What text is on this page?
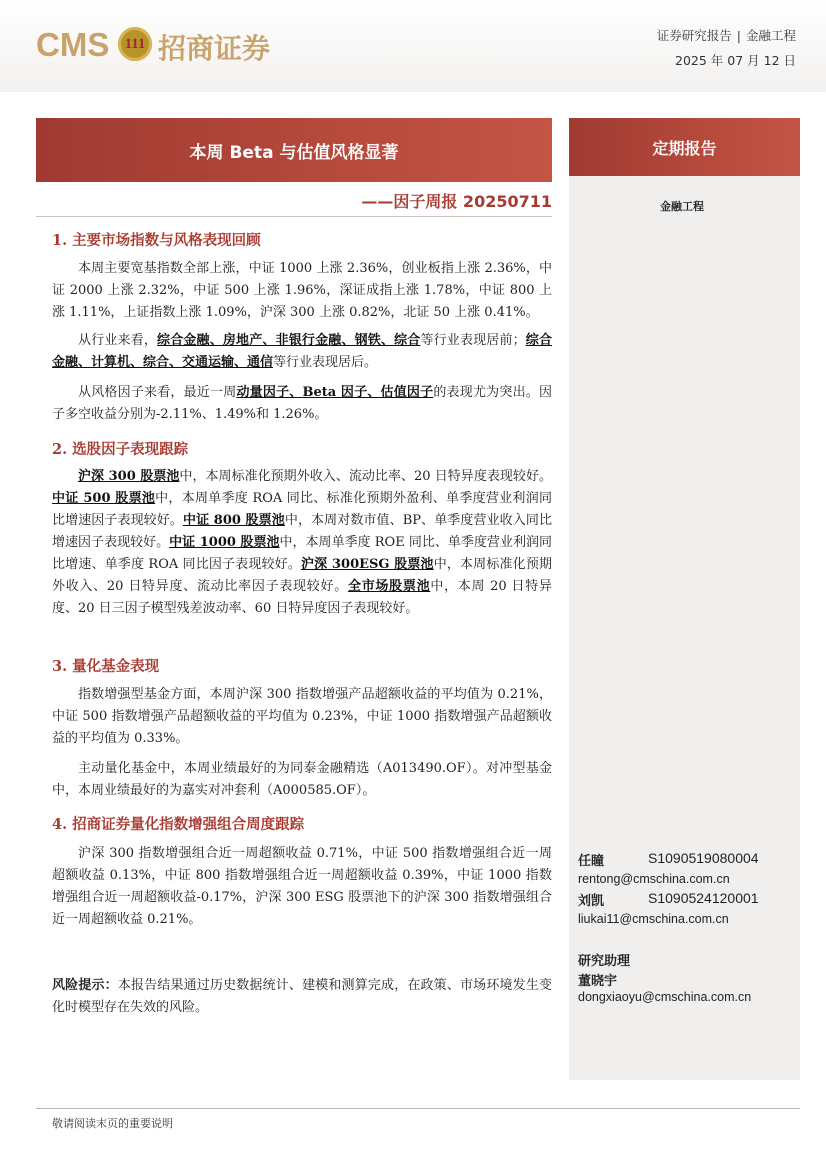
CMS	111 招商证券	证券研究报告 | 金融工程
2025 年 07 月 12 日
本周 Beta 与估值风格显著
——因子周报 20250711
定期报告
金融工程
1. 主要市场指数与风格表现回顾

本周主要宽基指数全部上涨，中证 1000 上涨 2.36%，创业板指上涨 2.36%，中证 2000 上涨 2.32%，中证 500 上涨 1.96%，深证成指上涨 1.78%，中证 800 上涨 1.11%，上证指数上涨 1.09%，沪深 300 上涨 0.82%，北证 50 上涨 0.41%。

从行业来看，综合金融、房地产、非银行金融、钢铁、综合等行业表现居前；综合金融、计算机、综合、交通运输、通信等行业表现居后。

从风格因子来看，最近一周动量因子、Beta 因子、估值因子的表现尤为突出。因子多空收益分别为-2.11%、1.49%和 1.26%。

2. 选股因子表现跟踪

沪深 300 股票池中，本周标准化预期外收入、流动比率、20 日特异度表现较好。中证 500 股票池中，本周单季度 ROA 同比、标准化预期外盈利、单季度营业利润同比增速因子表现较好。中证 800 股票池中，本周对数市值、BP、单季度营业收入同比增速因子表现较好。中证 1000 股票池中，本周单季度 ROE 同比、单季度营业利润同比增速、单季度 ROA 同比因子表现较好。沪深 300ESG 股票池中，本周标准化预期外收入、20 日特异度、流动比率因子表现较好。全市场股票池中，本周 20 日特异度、20 日三因子模型残差波动率、60 日特异度因子表现较好。

3. 量化基金表现

指数增强型基金方面，本周沪深 300 指数增强产品超额收益的平均值为 0.21%，中证 500 指数增强产品超额收益的平均值为 0.23%，中证 1000 指数增强产品超额收益的平均值为 0.33%。

主动量化基金中，本周业绩最好的为同泰金融精选（A013490.OF）。对冲型基金中，本周业绩最好的为嘉实对冲套利（A000585.OF）。

4. 招商证券量化指数增强组合周度跟踪

沪深 300 指数增强组合近一周超额收益 0.71%，中证 500 指数增强组合近一周超额收益 0.13%，中证 800 指数增强组合近一周超额收益 0.39%，中证 1000 指数增强组合近一周超额收益-0.17%，沪深 300 ESG 股票池下的沪深 300 指数增强组合近一周超额收益 0.21%。

风险提示：本报告结果通过历史数据统计、建模和测算完成，在政策、市场环境发生变化时模型存在失效的风险。

任瞳	S1090519080004
rentong@cmschina.com.cn
刘凯	S1090524120001
liukai11@cmschina.com.cn
研究助理
董晓宇
dongxiaoyu@cmschina.com.cn
敬请阅读末页的重要说明
